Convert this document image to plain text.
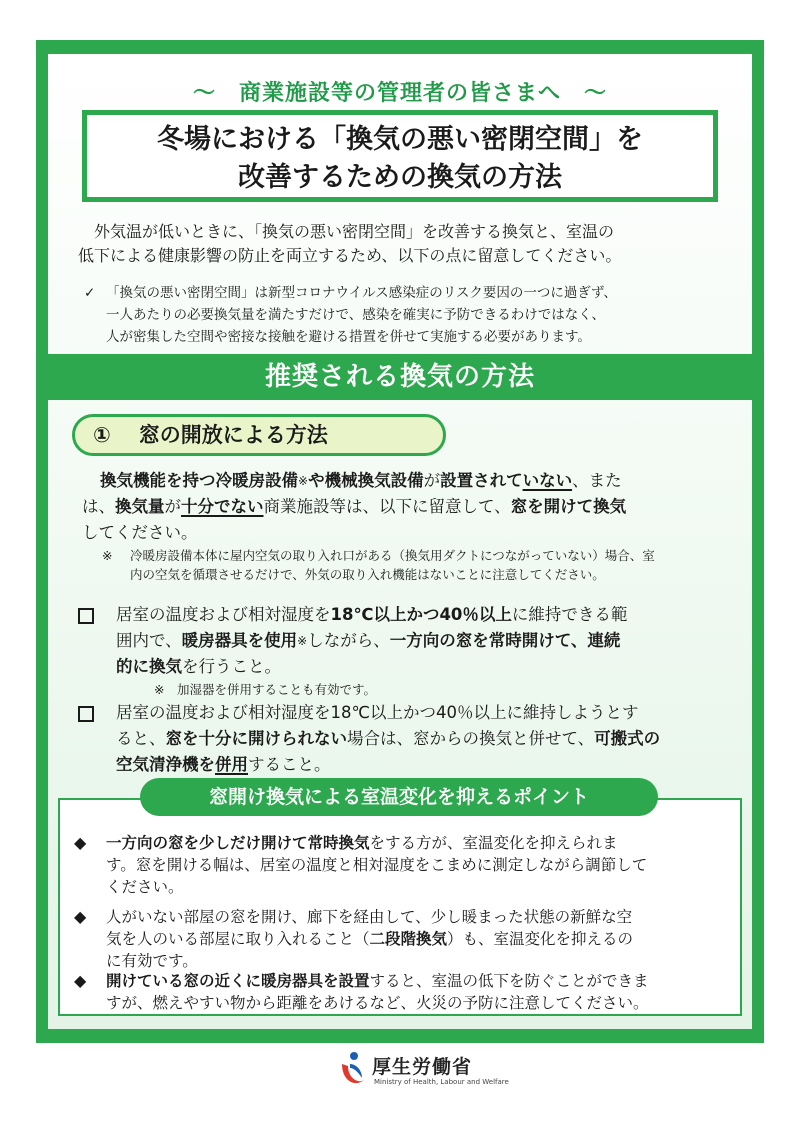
～　商業施設等の管理者の皆さまへ　～
冬場における「換気の悪い密閉空間」を
改善するための換気の方法
外気温が低いときに、「換気の悪い密閉空間」を改善する換気と、室温の
低下による健康影響の防止を両立するため、以下の点に留意してください。
✓ 「換気の悪い密閉空間」は新型コロナウイルス感染症のリスク要因の一つに過ぎず、
一人あたりの必要換気量を満たすだけで、感染を確実に予防できるわけではなく、
人が密集した空間や密接な接触を避ける措置を併せて実施する必要があります。
推奨される換気の方法
① 窓の開放による方法
換気機能を持つ冷暖房設備※や機械換気設備が設置されていない、また
は、換気量が十分でない商業施設等は、以下に留意して、窓を開けて換気
してください。
※	冷暖房設備本体に屋内空気の取り入れ口がある（換気用ダクトにつながっていない）場合、室
内の空気を循環させるだけで、外気の取り入れ機能はないことに注意してください。
居室の温度および相対湿度を18℃以上かつ40％以上に維持できる範
囲内で、暖房器具を使用※しながら、一方向の窓を常時開けて、連続
的に換気を行うこと。
※　加湿器を併用することも有効です。
居室の温度および相対湿度を18℃以上かつ40％以上に維持しようとす
ると、窓を十分に開けられない場合は、窓からの換気と併せて、可搬式の
空気清浄機を併用すること。
窓開け換気による室温変化を抑えるポイント
◆	一方向の窓を少しだけ開けて常時換気をする方が、室温変化を抑えられま
す。窓を開ける幅は、居室の温度と相対湿度をこまめに測定しながら調節して
ください。
◆	人がいない部屋の窓を開け、廊下を経由して、少し暖まった状態の新鮮な空
気を人のいる部屋に取り入れること（二段階換気）も、室温変化を抑えるの
に有効です。
◆	開けている窓の近くに暖房器具を設置すると、室温の低下を防ぐことができま
すが、燃えやすい物から距離をあけるなど、火災の予防に注意してください。
厚生労働省
Ministry of Health, Labour and Welfare
